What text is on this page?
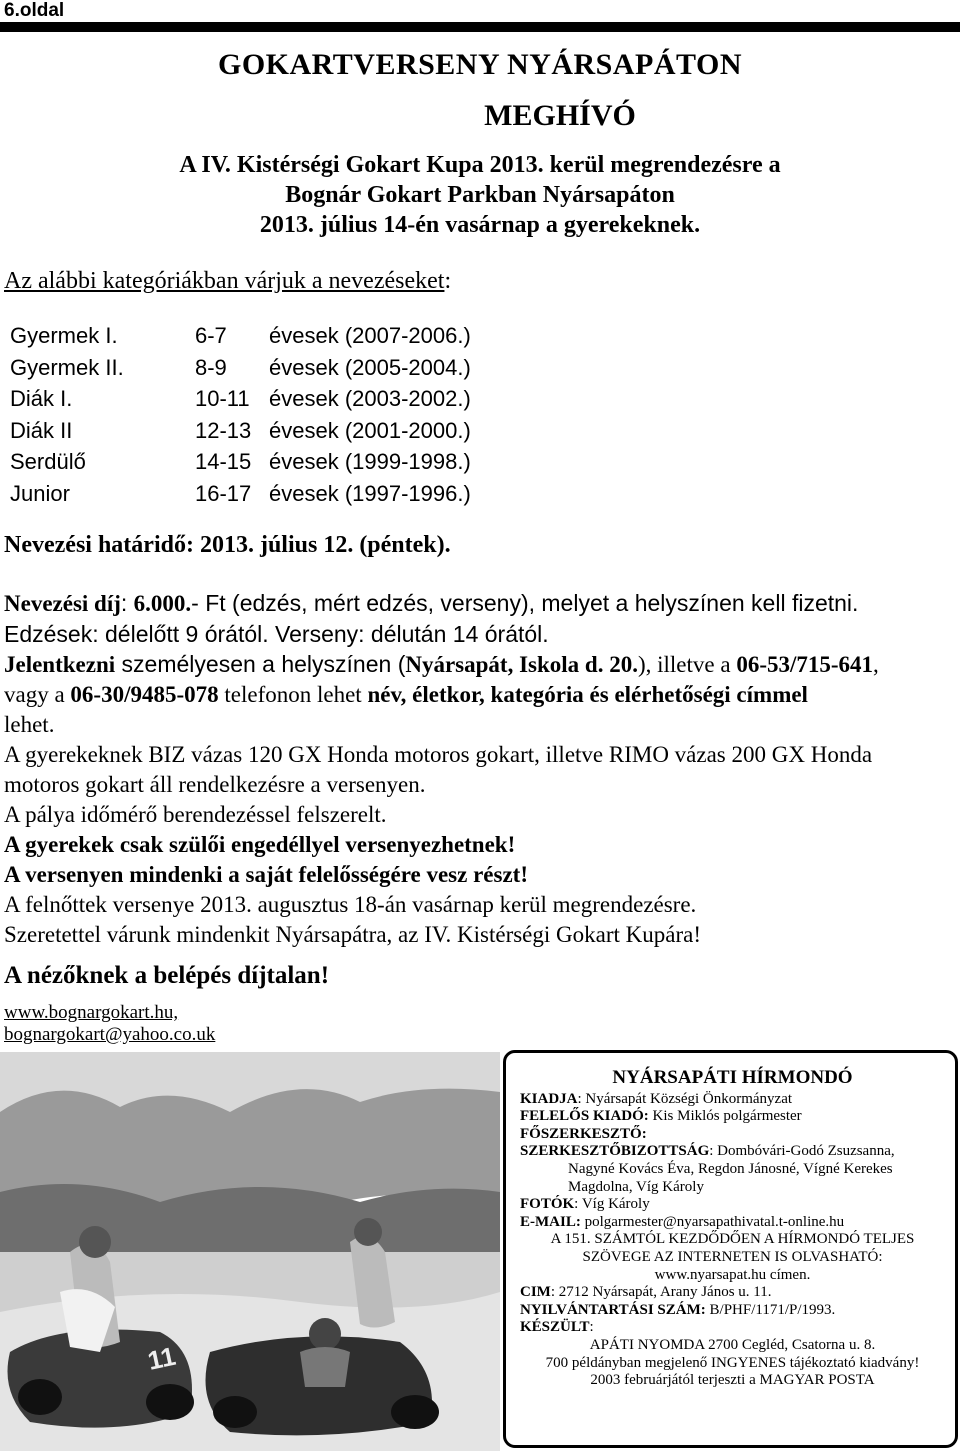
6.oldal
GOKARTVERSENY NYÁRSAPÁTON
MEGHÍVÓ
A IV. Kistérségi Gokart Kupa 2013. kerül megrendezésre a
Bognár Gokart Parkban Nyársapáton
2013. július 14-én vasárnap a gyerekeknek.
Az alábbi kategóriákban várjuk a nevezéseket:
Gyermek I.	6-7	évesek (2007-2006.)
Gyermek II.	8-9	évesek (2005-2004.)
Diák I.	10-11 évesek (2003-2002.)
Diák II	12-13 évesek (2001-2000.)
Serdülő	14-15 évesek (1999-1998.)
Junior	16-17 évesek (1997-1996.)
Nevezési határidő: 2013. július 12. (péntek).
Nevezési díj: 6.000.- Ft (edzés, mért edzés, verseny), melyet a helyszínen kell fizetni.
Edzések: délelőtt 9 órától. Verseny: délután 14 órától.
Jelentkezni személyesen a helyszínen (Nyársapát, Iskola d. 20.), illetve a 06-53/715-641,
vagy a 06-30/9485-078 telefonon lehet név, életkor, kategória és elérhetőségi címmel
lehet.
A gyerekeknek BIZ vázas 120 GX Honda motoros gokart, illetve RIMO vázas 200 GX Honda
motoros gokart áll rendelkezésre a versenyen.
A pálya időmérő berendezéssel felszerelt.
A gyerekek csak szülői engedéllyel versenyezhetnek!
A versenyen mindenki a saját felelősségére vesz részt!
A felnőttek versenye 2013. augusztus 18-án vasárnap kerül megrendezésre.
Szeretettel várunk mindenkit Nyársapátra, az IV. Kistérségi Gokart Kupára!
A nézőknek a belépés díjtalan!
www.bognargokart.hu,
bognargokart@yahoo.co.uk
11
NYÁRSAPÁTI HÍRMONDÓ
KIADJA: Nyársapát Községi Önkormányzat
FELELŐS KIADÓ: Kis Miklós polgármester
FŐSZERKESZTŐ:
SZERKESZTŐBIZOTTSÁG: Dombóvári-Godó Zsuzsanna,
Nagyné Kovács Éva, Regdon Jánosné, Vígné Kerekes
Magdolna, Víg Károly
FOTÓK: Víg Károly
E-MAIL: polgarmester@nyarsapathivatal.t-online.hu
A 151. SZÁMTÓL KEZDŐDŐEN A HÍRMONDÓ TELJES
SZÖVEGE AZ INTERNETEN IS OLVASHATÓ:
www.nyarsapat.hu címen.
CIM: 2712 Nyársapát, Arany János u. 11.
NYILVÁNTARTÁSI SZÁM: B/PHF/1171/P/1993.
KÉSZÜLT:
APÁTI NYOMDA 2700 Cegléd, Csatorna u. 8.
700 példányban megjelenő INGYENES tájékoztató kiadvány!
2003 februárjától terjeszti a MAGYAR POSTA
